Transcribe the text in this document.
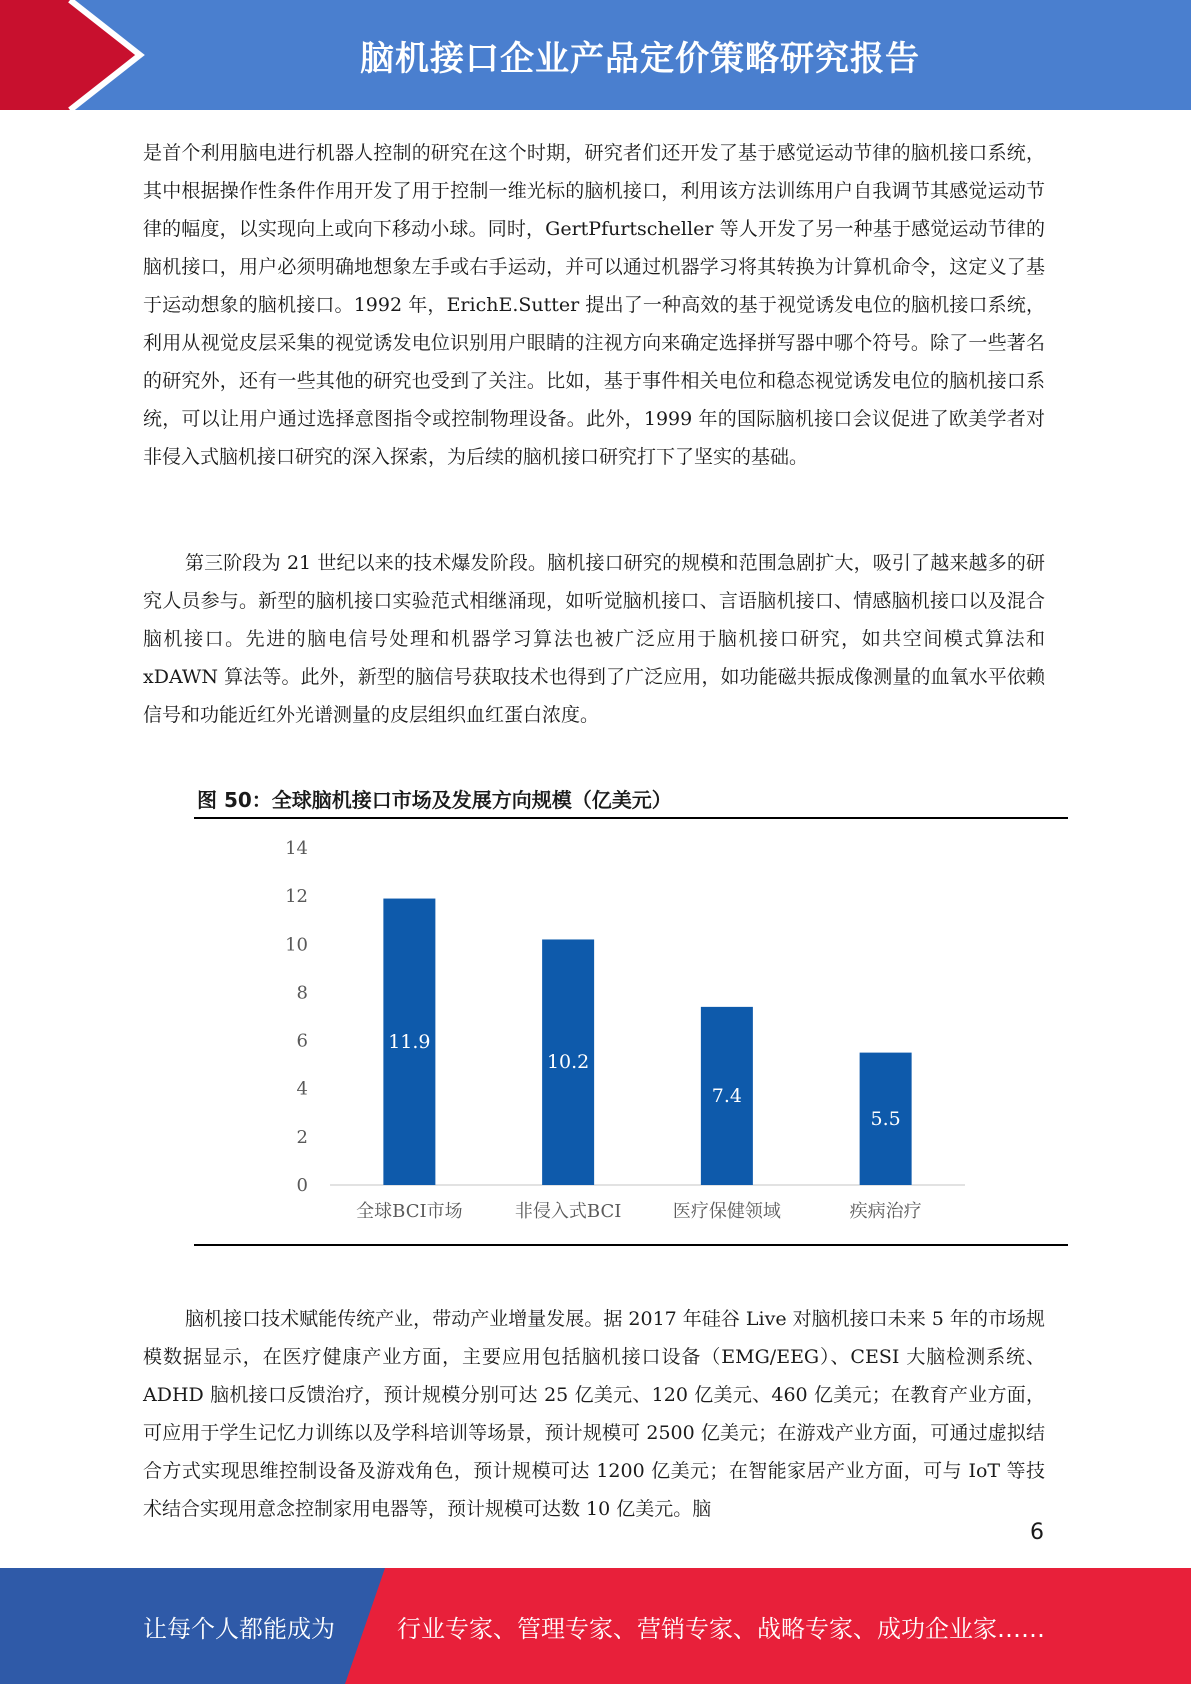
脑机接口企业产品定价策略研究报告

是首个利用脑电进行机器人控制的研究在这个时期，研究者们还开发了基于感觉运动节律的脑机接口系统，其中根据操作性条件作用开发了用于控制一维光标的脑机接口，利用该方法训练用户自我调节其感觉运动节律的幅度，以实现向上或向下移动小球。同时，GertPfurtscheller 等人开发了另一种基于感觉运动节律的脑机接口，用户必须明确地想象左手或右手运动，并可以通过机器学习将其转换为计算机命令，这定义了基于运动想象的脑机接口。1992 年，ErichE.Sutter 提出了一种高效的基于视觉诱发电位的脑机接口系统，利用从视觉皮层采集的视觉诱发电位识别用户眼睛的注视方向来确定选择拼写器中哪个符号。除了一些著名的研究外，还有一些其他的研究也受到了关注。比如，基于事件相关电位和稳态视觉诱发电位的脑机接口系统，可以让用户通过选择意图指令或控制物理设备。此外，1999 年的国际脑机接口会议促进了欧美学者对非侵入式脑机接口研究的深入探索，为后续的脑机接口研究打下了坚实的基础。

第三阶段为 21 世纪以来的技术爆发阶段。脑机接口研究的规模和范围急剧扩大，吸引了越来越多的研究人员参与。新型的脑机接口实验范式相继涌现，如听觉脑机接口、言语脑机接口、情感脑机接口以及混合脑机接口。先进的脑电信号处理和机器学习算法也被广泛应用于脑机接口研究，如共空间模式算法和 xDAWN 算法等。此外，新型的脑信号获取技术也得到了广泛应用，如功能磁共振成像测量的血氧水平依赖信号和功能近红外光谱测量的皮层组织血红蛋白浓度。

图 50：全球脑机接口市场及发展方向规模（亿美元）
0
2
4
6
8
10
12
14
11.9
全球BCI市场
10.2
非侵入式BCI
7.4
医疗保健领域
5.5
疾病治疗

脑机接口技术赋能传统产业，带动产业增量发展。据 2017 年硅谷 Live 对脑机接口未来 5 年的市场规模数据显示，在医疗健康产业方面，主要应用包括脑机接口设备（EMG/EEG）、CESI 大脑检测系统、ADHD 脑机接口反馈治疗，预计规模分别可达 25 亿美元、120 亿美元、460 亿美元；在教育产业方面，可应用于学生记忆力训练以及学科培训等场景，预计规模可 2500 亿美元；在游戏产业方面，可通过虚拟结合方式实现思维控制设备及游戏角色，预计规模可达 1200 亿美元；在智能家居产业方面，可与 IoT 等技术结合实现用意念控制家用电器等，预计规模可达数 10 亿美元。脑

6
让每个人都能成为	行业专家、管理专家、营销专家、战略专家、成功企业家……
